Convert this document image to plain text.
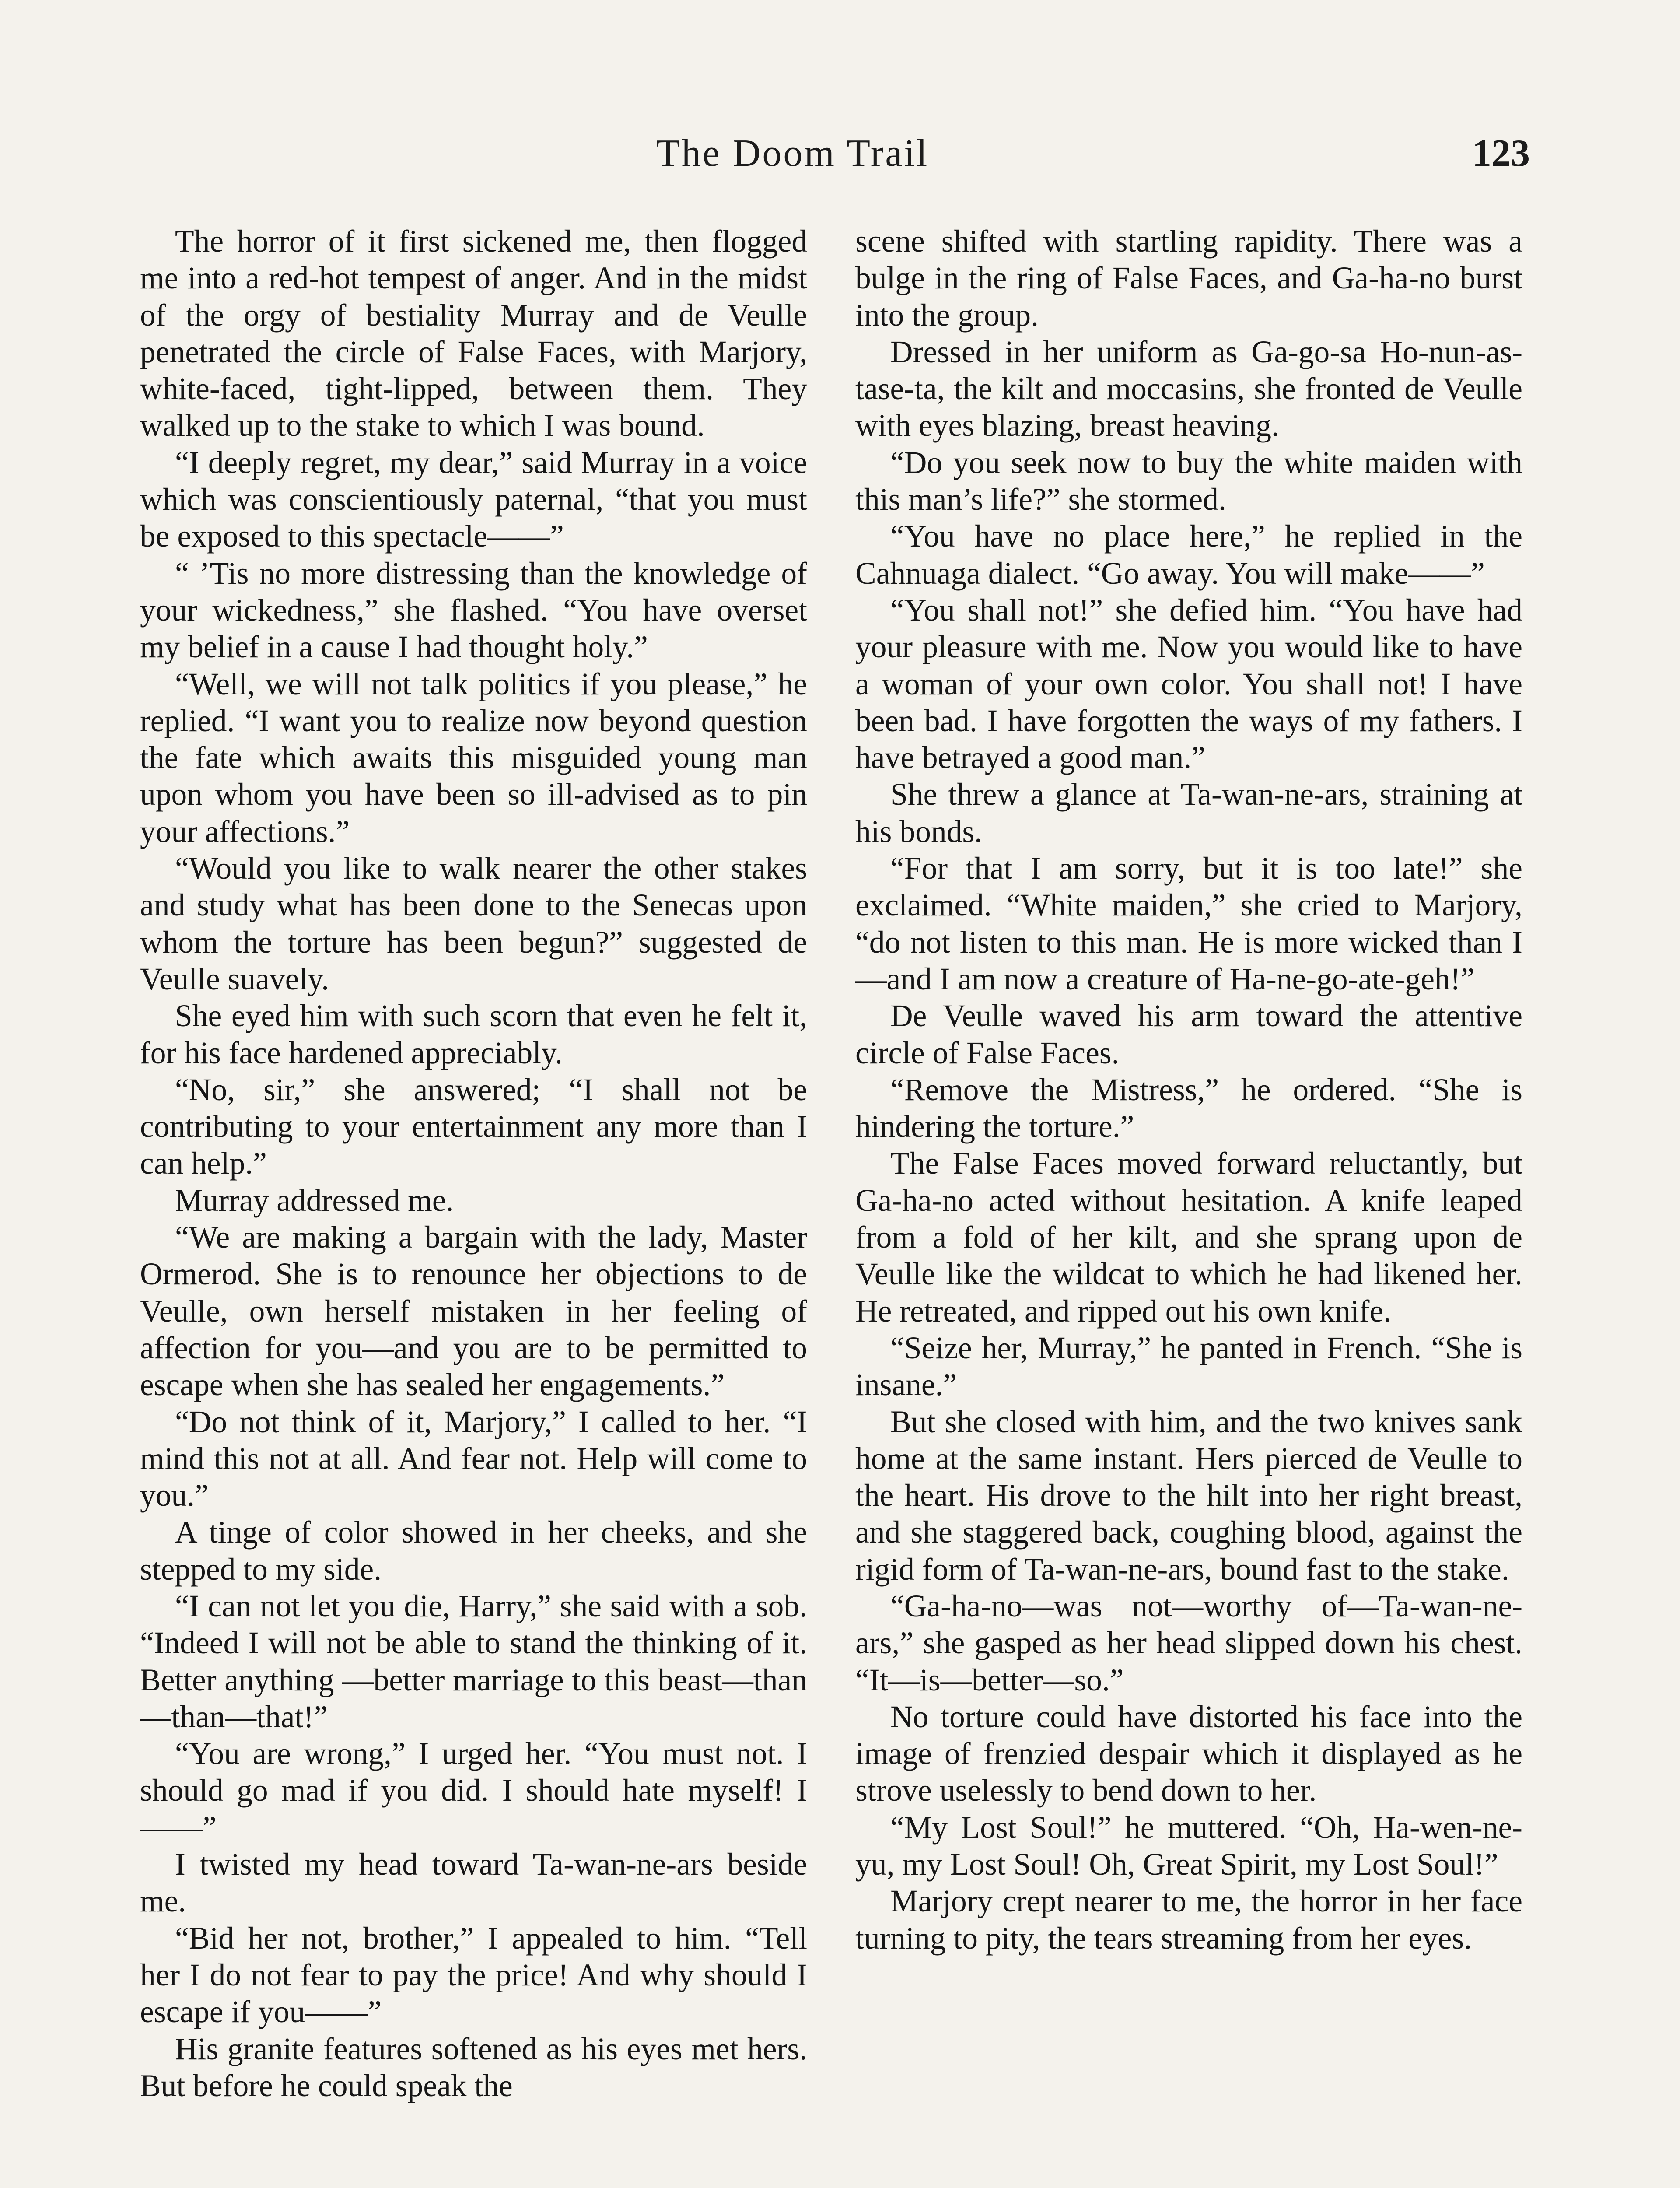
The Doom Trail	123

The horror of it first sickened me, then flogged me into a red-hot tempest of anger. And in the midst of the orgy of bestiality Murray and de Veulle penetrated the circle of False Faces, with Marjory, white-faced, tight-lipped, between them. They walked up to the stake to which I was bound.

“I deeply regret, my dear,” said Murray in a voice which was conscientiously paternal, “that you must be exposed to this spectacle——”

“ ’Tis no more distressing than the knowledge of your wickedness,” she flashed. “You have overset my belief in a cause I had thought holy.”

“Well, we will not talk politics if you please,” he replied. “I want you to realize now beyond question the fate which awaits this misguided young man upon whom you have been so ill-advised as to pin your affections.”

“Would you like to walk nearer the other stakes and study what has been done to the Senecas upon whom the torture has been begun?” suggested de Veulle suavely.

She eyed him with such scorn that even he felt it, for his face hardened appreciably.

“No, sir,” she answered; “I shall not be contributing to your entertainment any more than I can help.”

Murray addressed me.

“We are making a bargain with the lady, Master Ormerod. She is to renounce her objections to de Veulle, own herself mistaken in her feeling of affection for you—and you are to be permitted to escape when she has sealed her engagements.”

“Do not think of it, Marjory,” I called to her. “I mind this not at all. And fear not. Help will come to you.”

A tinge of color showed in her cheeks, and she stepped to my side.

“I can not let you die, Harry,” she said with a sob. “Indeed I will not be able to stand the thinking of it. Better anything —better marriage to this beast—than—than—that!”

“You are wrong,” I urged her. “You must not. I should go mad if you did. I should hate myself! I——”

I twisted my head toward Ta-wan-ne-ars beside me.

“Bid her not, brother,” I appealed to him. “Tell her I do not fear to pay the price! And why should I escape if you——”

His granite features softened as his eyes met hers. But before he could speak the

scene shifted with startling rapidity. There was a bulge in the ring of False Faces, and Ga-ha-no burst into the group.

Dressed in her uniform as Ga-go-sa Ho-nun-as-tase-ta, the kilt and moccasins, she fronted de Veulle with eyes blazing, breast heaving.

“Do you seek now to buy the white maiden with this man’s life?” she stormed.

“You have no place here,” he replied in the Cahnuaga dialect. “Go away. You will make——”

“You shall not!” she defied him. “You have had your pleasure with me. Now you would like to have a woman of your own color. You shall not! I have been bad. I have forgotten the ways of my fathers. I have betrayed a good man.”

She threw a glance at Ta-wan-ne-ars, straining at his bonds.

“For that I am sorry, but it is too late!” she exclaimed. “White maiden,” she cried to Marjory, “do not listen to this man. He is more wicked than I—and I am now a creature of Ha-ne-go-ate-geh!”

De Veulle waved his arm toward the attentive circle of False Faces.

“Remove the Mistress,” he ordered. “She is hindering the torture.”

The False Faces moved forward reluctantly, but Ga-ha-no acted without hesitation. A knife leaped from a fold of her kilt, and she sprang upon de Veulle like the wildcat to which he had likened her. He retreated, and ripped out his own knife.

“Seize her, Murray,” he panted in French. “She is insane.”

But she closed with him, and the two knives sank home at the same instant. Hers pierced de Veulle to the heart. His drove to the hilt into her right breast, and she staggered back, coughing blood, against the rigid form of Ta-wan-ne-ars, bound fast to the stake.

“Ga-ha-no—was not—worthy of—Ta-wan-ne-ars,” she gasped as her head slipped down his chest. “It—is—better—so.”

No torture could have distorted his face into the image of frenzied despair which it displayed as he strove uselessly to bend down to her.

“My Lost Soul!” he muttered. “Oh, Ha-wen-ne-yu, my Lost Soul! Oh, Great Spirit, my Lost Soul!”

Marjory crept nearer to me, the horror in her face turning to pity, the tears streaming from her eyes.
